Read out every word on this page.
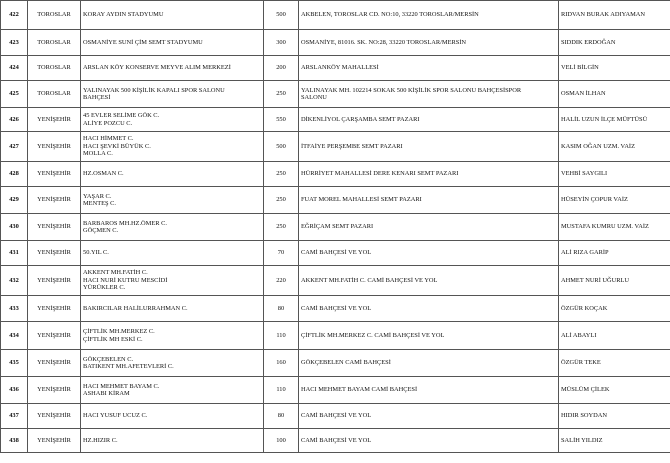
422	TOROSLAR	KORAY AYDIN STADYUMU	500	AKBELEN, TOROSLAR CD. NO:10, 33220 TOROSLAR/MERSİN	RIDVAN BURAK ADIYAMAN
423	TOROSLAR	OSMANİYE SUNİ ÇİM SEMT STADYUMU	300	OSMANİYE, 81016. SK. NO:28, 33220 TOROSLAR/MERSİN	SIDDIK ERDOĞAN
424	TOROSLAR	ARSLAN KÖY KONSERVE MEYVE ALIM MERKEZİ	200	ARSLANKÖY MAHALLESİ	VELİ BİLGİN
425	TOROSLAR	YALINAYAK 500 KİŞİLİK KAPALI SPOR SALONU
BAHÇESİ	250	YALINAYAK MH. 102214 SOKAK 500 KİŞİLİK SPOR SALONU BAHÇESİSPOR
SALONU	OSMAN İLHAN
426	YENİŞEHİR	45 EVLER SELİME GÖK C.
ALİYE POZCU C.	550	DİKENLİYOL ÇARŞAMBA SEMT PAZARI	HALİL UZUN İLÇE MÜFTÜSÜ
427	YENİŞEHİR	HACI HİMMET C.
HACI ŞEVKİ BÜYÜK C.
MOLLA C.	500	İTFAİYE PERŞEMBE SEMT PAZARI	KASIM OĞAN UZM. VAİZ
428	YENİŞEHİR	HZ.OSMAN C.	250	HÜRRİYET MAHALLESİ DERE KENARI SEMT PAZARI	VEHBİ SAYGILI
429	YENİŞEHİR	YAŞAR C.
MENTEŞ C.	250	FUAT MOREL MAHALLESİ SEMT PAZARI	HÜSEYİN ÇOPUR VAİZ
430	YENİŞEHİR	BARBAROS MH.HZ.ÖMER C.
GÖÇMEN C.	250	EĞRİÇAM SEMT PAZARI	MUSTAFA KUMRU UZM. VAİZ
431	YENİŞEHİR	50.YIL C.	70	CAMİ BAHÇESİ VE YOL	ALİ RIZA GARİP
432	YENİŞEHİR	AKKENT MH.FATİH C.
HACI NURİ KUTRU MESCİDİ
YÜRÜKLER C.	220	AKKENT MH.FATİH C. CAMİ BAHÇESİ VE YOL	AHMET NURİ UĞURLU
433	YENİŞEHİR	BAKIRCILAR HALİLURRAHMAN C.	80	CAMİ BAHÇESİ VE YOL	ÖZGÜR KOÇAK
434	YENİŞEHİR	ÇİFTLİK MH.MERKEZ C.
ÇİFTLİK MH ESKİ C.	110	ÇİFTLİK MH.MERKEZ C. CAMİ BAHÇESİ VE YOL	ALİ ABAYLI
435	YENİŞEHİR	GÖKÇEBELEN C.
BATIKENT MH.AFETEVLERİ C.	160	GÖKÇEBELEN CAMİ BAHÇESİ	ÖZGÜR TEKE
436	YENİŞEHİR	HACI MEHMET BAYAM C.
ASHABI KİRAM	110	HACI MEHMET BAYAM CAMİ BAHÇESİ	MÜSLÜM ÇİLEK
437	YENİŞEHİR	HACI YUSUF UCUZ C.	80	CAMİ BAHÇESİ VE YOL	HIDIR SOYDAN
438	YENİŞEHİR	HZ.HIZIR C.	100	CAMİ BAHÇESİ VE YOL	SALİH YILDIZ
